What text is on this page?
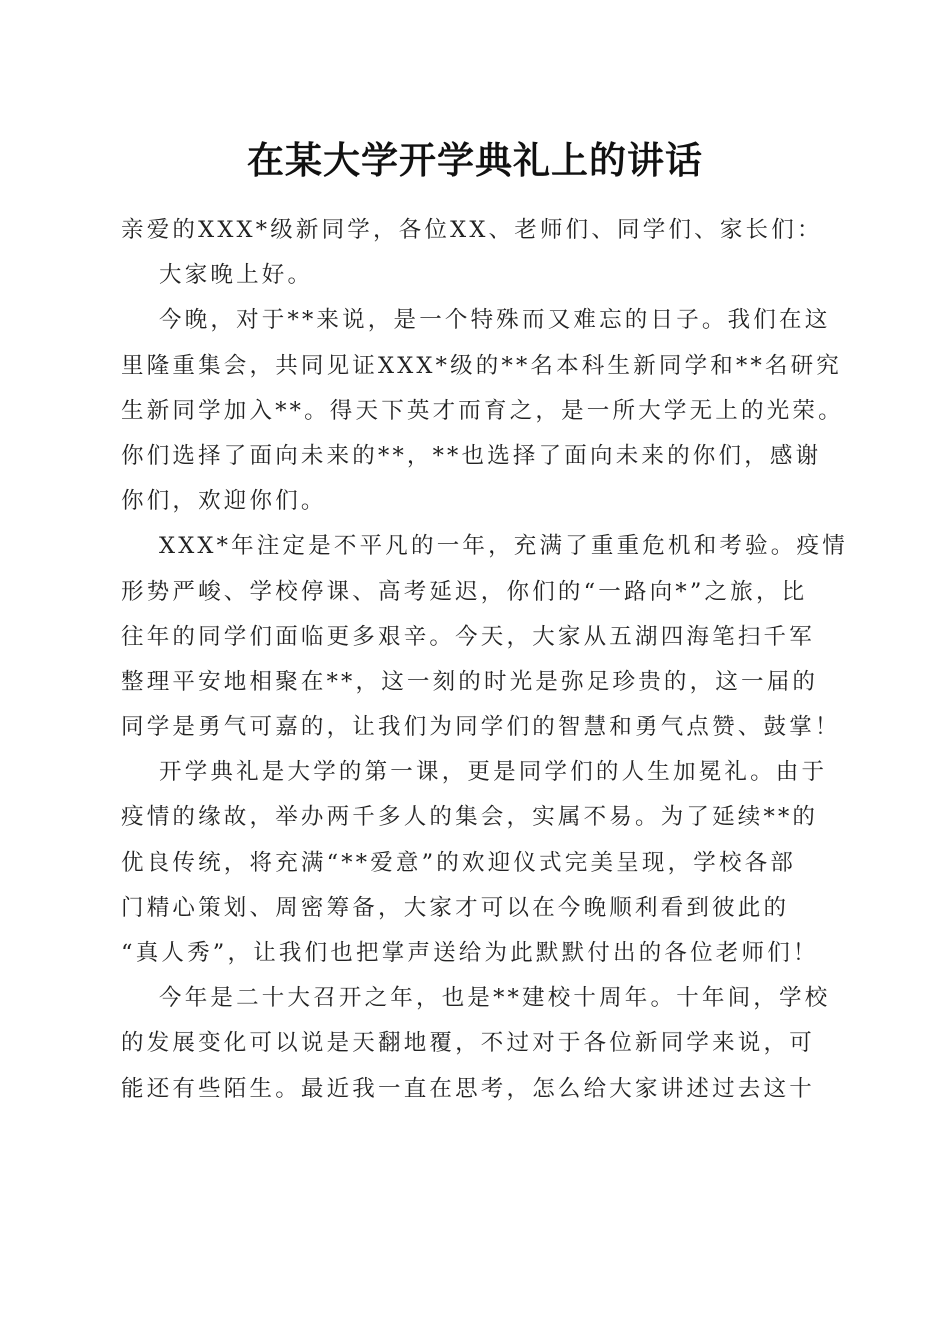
在某大学开学典礼上的讲话
亲爱的XXX*级新同学，各位XX、老师们、同学们、家长们：
大家晚上好。
今晚，对于**来说，是一个特殊而又难忘的日子。我们在这
里隆重集会，共同见证XXX*级的**名本科生新同学和**名研究
生新同学加入**。得天下英才而育之，是一所大学无上的光荣。
你们选择了面向未来的**，**也选择了面向未来的你们，感谢
你们，欢迎你们。
XXX*年注定是不平凡的一年，充满了重重危机和考验。疫情
形势严峻、学校停课、高考延迟，你们的“一路向*”之旅，比
往年的同学们面临更多艰辛。今天，大家从五湖四海笔扫千军
整理平安地相聚在**，这一刻的时光是弥足珍贵的，这一届的
同学是勇气可嘉的，让我们为同学们的智慧和勇气点赞、鼓掌！
开学典礼是大学的第一课，更是同学们的人生加冕礼。由于
疫情的缘故，举办两千多人的集会，实属不易。为了延续**的
优良传统，将充满“**爱意”的欢迎仪式完美呈现，学校各部
门精心策划、周密筹备，大家才可以在今晚顺利看到彼此的
“真人秀”，让我们也把掌声送给为此默默付出的各位老师们！
今年是二十大召开之年，也是**建校十周年。十年间，学校
的发展变化可以说是天翻地覆，不过对于各位新同学来说，可
能还有些陌生。最近我一直在思考，怎么给大家讲述过去这十
